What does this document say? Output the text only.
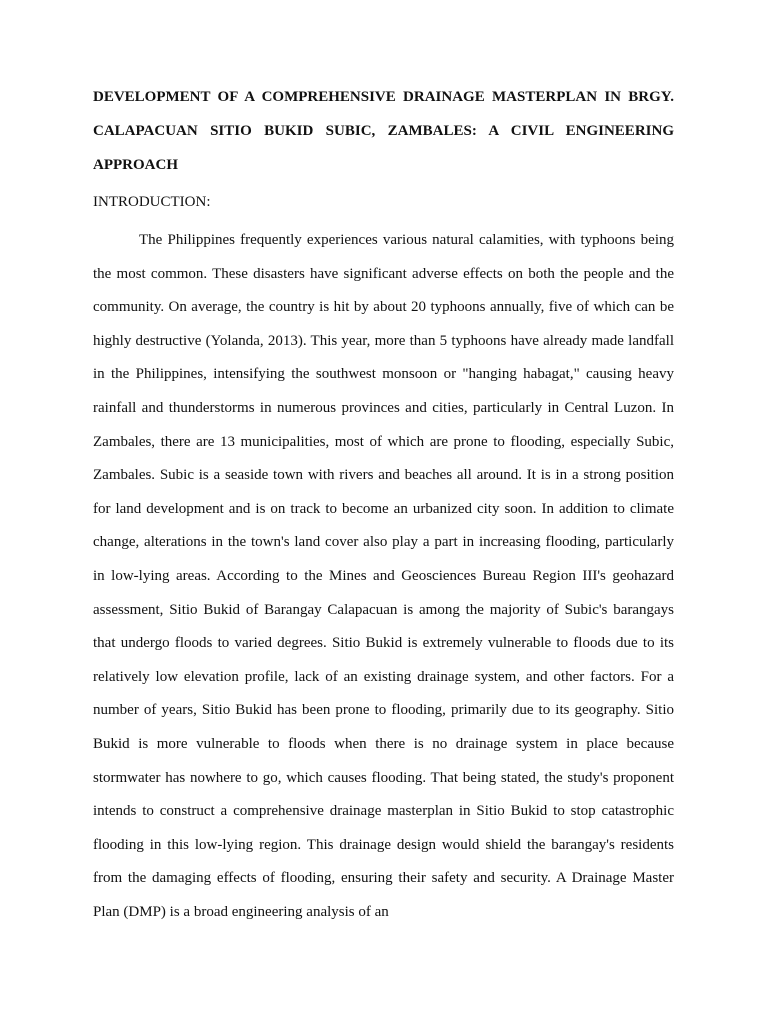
DEVELOPMENT OF A COMPREHENSIVE DRAINAGE MASTERPLAN IN BRGY. CALAPACUAN SITIO BUKID SUBIC, ZAMBALES: A CIVIL ENGINEERING APPROACH
INTRODUCTION:

The Philippines frequently experiences various natural calamities, with typhoons being the most common. These disasters have significant adverse effects on both the people and the community. On average, the country is hit by about 20 typhoons annually, five of which can be highly destructive (Yolanda, 2013). This year, more than 5 typhoons have already made landfall in the Philippines, intensifying the southwest monsoon or "hanging habagat," causing heavy rainfall and thunderstorms in numerous provinces and cities, particularly in Central Luzon. In Zambales, there are 13 municipalities, most of which are prone to flooding, especially Subic, Zambales. Subic is a seaside town with rivers and beaches all around. It is in a strong position for land development and is on track to become an urbanized city soon. In addition to climate change, alterations in the town's land cover also play a part in increasing flooding, particularly in low-lying areas. According to the Mines and Geosciences Bureau Region III's geohazard assessment, Sitio Bukid of Barangay Calapacuan is among the majority of Subic's barangays that undergo floods to varied degrees. Sitio Bukid is extremely vulnerable to floods due to its relatively low elevation profile, lack of an existing drainage system, and other factors. For a number of years, Sitio Bukid has been prone to flooding, primarily due to its geography. Sitio Bukid is more vulnerable to floods when there is no drainage system in place because stormwater has nowhere to go, which causes flooding. That being stated, the study's proponent intends to construct a comprehensive drainage masterplan in Sitio Bukid to stop catastrophic flooding in this low-lying region. This drainage design would shield the barangay's residents from the damaging effects of flooding, ensuring their safety and security. A Drainage Master Plan (DMP) is a broad engineering analysis of an
